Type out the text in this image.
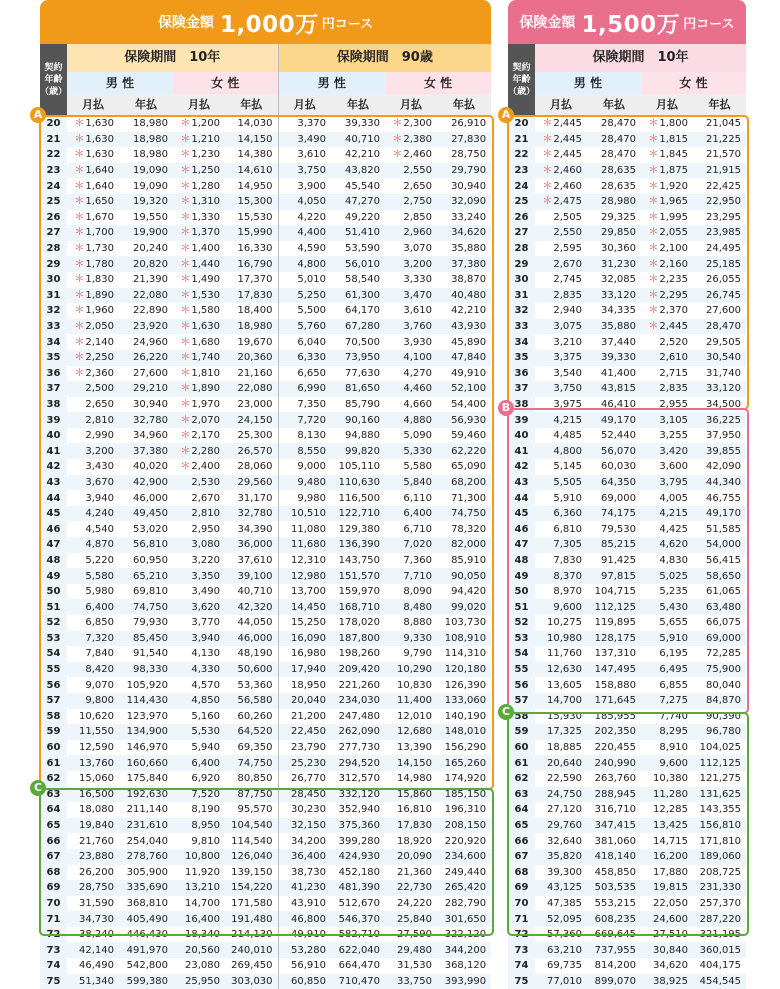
保険金額 1,000万 円コース	保険金額 1,500万 円コース
契約
年齢
（歳）	保険期間　10年				保険期間　90歳			
	男 性		女 性		男 性		女 性	
	月払	年払	月払	年払	月払	年払	月払	年払
20	＊1,630	18,980	＊1,200	14,030	3,370	39,330	＊2,300	26,910
21	＊1,630	18,980	＊1,210	14,150	3,490	40,710	＊2,380	27,830
22	＊1,630	18,980	＊1,230	14,380	3,610	42,210	＊2,460	28,750
23	＊1,640	19,090	＊1,250	14,610	3,750	43,820	2,550	29,790
24	＊1,640	19,090	＊1,280	14,950	3,900	45,540	2,650	30,940
25	＊1,650	19,320	＊1,310	15,300	4,050	47,270	2,750	32,090
26	＊1,670	19,550	＊1,330	15,530	4,220	49,220	2,850	33,240
27	＊1,700	19,900	＊1,370	15,990	4,400	51,410	2,960	34,620
28	＊1,730	20,240	＊1,400	16,330	4,590	53,590	3,070	35,880
29	＊1,780	20,820	＊1,440	16,790	4,800	56,010	3,200	37,380
30	＊1,830	21,390	＊1,490	17,370	5,010	58,540	3,330	38,870
31	＊1,890	22,080	＊1,530	17,830	5,250	61,300	3,470	40,480
32	＊1,960	22,890	＊1,580	18,400	5,500	64,170	3,610	42,210
33	＊2,050	23,920	＊1,630	18,980	5,760	67,280	3,760	43,930
34	＊2,140	24,960	＊1,680	19,670	6,040	70,500	3,930	45,890
35	＊2,250	26,220	＊1,740	20,360	6,330	73,950	4,100	47,840
36	＊2,360	27,600	＊1,810	21,160	6,650	77,630	4,270	49,910
37	2,500	29,210	＊1,890	22,080	6,990	81,650	4,460	52,100
38	2,650	30,940	＊1,970	23,000	7,350	85,790	4,660	54,400
39	2,810	32,780	＊2,070	24,150	7,720	90,160	4,880	56,930
40	2,990	34,960	＊2,170	25,300	8,130	94,880	5,090	59,460
41	3,200	37,380	＊2,280	26,570	8,550	99,820	5,330	62,220
42	3,430	40,020	＊2,400	28,060	9,000	105,110	5,580	65,090
43	3,670	42,900	2,530	29,560	9,480	110,630	5,840	68,200
44	3,940	46,000	2,670	31,170	9,980	116,500	6,110	71,300
45	4,240	49,450	2,810	32,780	10,510	122,710	6,400	74,750
46	4,540	53,020	2,950	34,390	11,080	129,380	6,710	78,320
47	4,870	56,810	3,080	36,000	11,680	136,390	7,020	82,000
48	5,220	60,950	3,220	37,610	12,310	143,750	7,360	85,910
49	5,580	65,210	3,350	39,100	12,980	151,570	7,710	90,050
50	5,980	69,810	3,490	40,710	13,700	159,970	8,090	94,420
51	6,400	74,750	3,620	42,320	14,450	168,710	8,480	99,020
52	6,850	79,930	3,770	44,050	15,250	178,020	8,880	103,730
53	7,320	85,450	3,940	46,000	16,090	187,800	9,330	108,910
54	7,840	91,540	4,130	48,190	16,980	198,260	9,790	114,310
55	8,420	98,330	4,330	50,600	17,940	209,420	10,290	120,180
56	9,070	105,920	4,570	53,360	18,950	221,260	10,830	126,390
57	9,800	114,430	4,850	56,580	20,040	234,030	11,400	133,060
58	10,620	123,970	5,160	60,260	21,200	247,480	12,010	140,190
59	11,550	134,900	5,530	64,520	22,450	262,090	12,680	148,010
60	12,590	146,970	5,940	69,350	23,790	277,730	13,390	156,290
61	13,760	160,660	6,400	74,750	25,230	294,520	14,150	165,260
62	15,060	175,840	6,920	80,850	26,770	312,570	14,980	174,920
63	16,500	192,630	7,520	87,750	28,450	332,120	15,860	185,150
64	18,080	211,140	8,190	95,570	30,230	352,940	16,810	196,310
65	19,840	231,610	8,950	104,540	32,150	375,360	17,830	208,150
66	21,760	254,040	9,810	114,540	34,200	399,280	18,920	220,920
67	23,880	278,760	10,800	126,040	36,400	424,930	20,090	234,600
68	26,200	305,900	11,920	139,150	38,730	452,180	21,360	249,440
69	28,750	335,690	13,210	154,220	41,230	481,390	22,730	265,420
70	31,590	368,810	14,700	171,580	43,910	512,670	24,220	282,790
71	34,730	405,490	16,400	191,480	46,800	546,370	25,840	301,650
72	38,240	446,430	18,340	214,130	49,910	582,710	27,590	322,120
73	42,140	491,970	20,560	240,010	53,280	622,040	29,480	344,200
74	46,490	542,800	23,080	269,450	56,910	664,470	31,530	368,120
75	51,340	599,380	25,950	303,030	60,850	710,470	33,750	393,990
契約
年齢
（歳）	保険期間　10年			
	男 性		女 性	
	月払	年払	月払	年払
20	＊2,445	28,470	＊1,800	21,045
21	＊2,445	28,470	＊1,815	21,225
22	＊2,445	28,470	＊1,845	21,570
23	＊2,460	28,635	＊1,875	21,915
24	＊2,460	28,635	＊1,920	22,425
25	＊2,475	28,980	＊1,965	22,950
26	2,505	29,325	＊1,995	23,295
27	2,550	29,850	＊2,055	23,985
28	2,595	30,360	＊2,100	24,495
29	2,670	31,230	＊2,160	25,185
30	2,745	32,085	＊2,235	26,055
31	2,835	33,120	＊2,295	26,745
32	2,940	34,335	＊2,370	27,600
33	3,075	35,880	＊2,445	28,470
34	3,210	37,440	2,520	29,505
35	3,375	39,330	2,610	30,540
36	3,540	41,400	2,715	31,740
37	3,750	43,815	2,835	33,120
38	3,975	46,410	2,955	34,500
39	4,215	49,170	3,105	36,225
40	4,485	52,440	3,255	37,950
41	4,800	56,070	3,420	39,855
42	5,145	60,030	3,600	42,090
43	5,505	64,350	3,795	44,340
44	5,910	69,000	4,005	46,755
45	6,360	74,175	4,215	49,170
46	6,810	79,530	4,425	51,585
47	7,305	85,215	4,620	54,000
48	7,830	91,425	4,830	56,415
49	8,370	97,815	5,025	58,650
50	8,970	104,715	5,235	61,065
51	9,600	112,125	5,430	63,480
52	10,275	119,895	5,655	66,075
53	10,980	128,175	5,910	69,000
54	11,760	137,310	6,195	72,285
55	12,630	147,495	6,495	75,900
56	13,605	158,880	6,855	80,040
57	14,700	171,645	7,275	84,870
58	15,930	185,955	7,740	90,390
59	17,325	202,350	8,295	96,780
60	18,885	220,455	8,910	104,025
61	20,640	240,990	9,600	112,125
62	22,590	263,760	10,380	121,275
63	24,750	288,945	11,280	131,625
64	27,120	316,710	12,285	143,355
65	29,760	347,415	13,425	156,810
66	32,640	381,060	14,715	171,810
67	35,820	418,140	16,200	189,060
68	39,300	458,850	17,880	208,725
69	43,125	503,535	19,815	231,330
70	47,385	553,215	22,050	257,370
71	52,095	608,235	24,600	287,220
72	57,360	669,645	27,510	321,195
73	63,210	737,955	30,840	360,015
74	69,735	814,200	34,620	404,175
75	77,010	899,070	38,925	454,545
A
C
A
B
C
